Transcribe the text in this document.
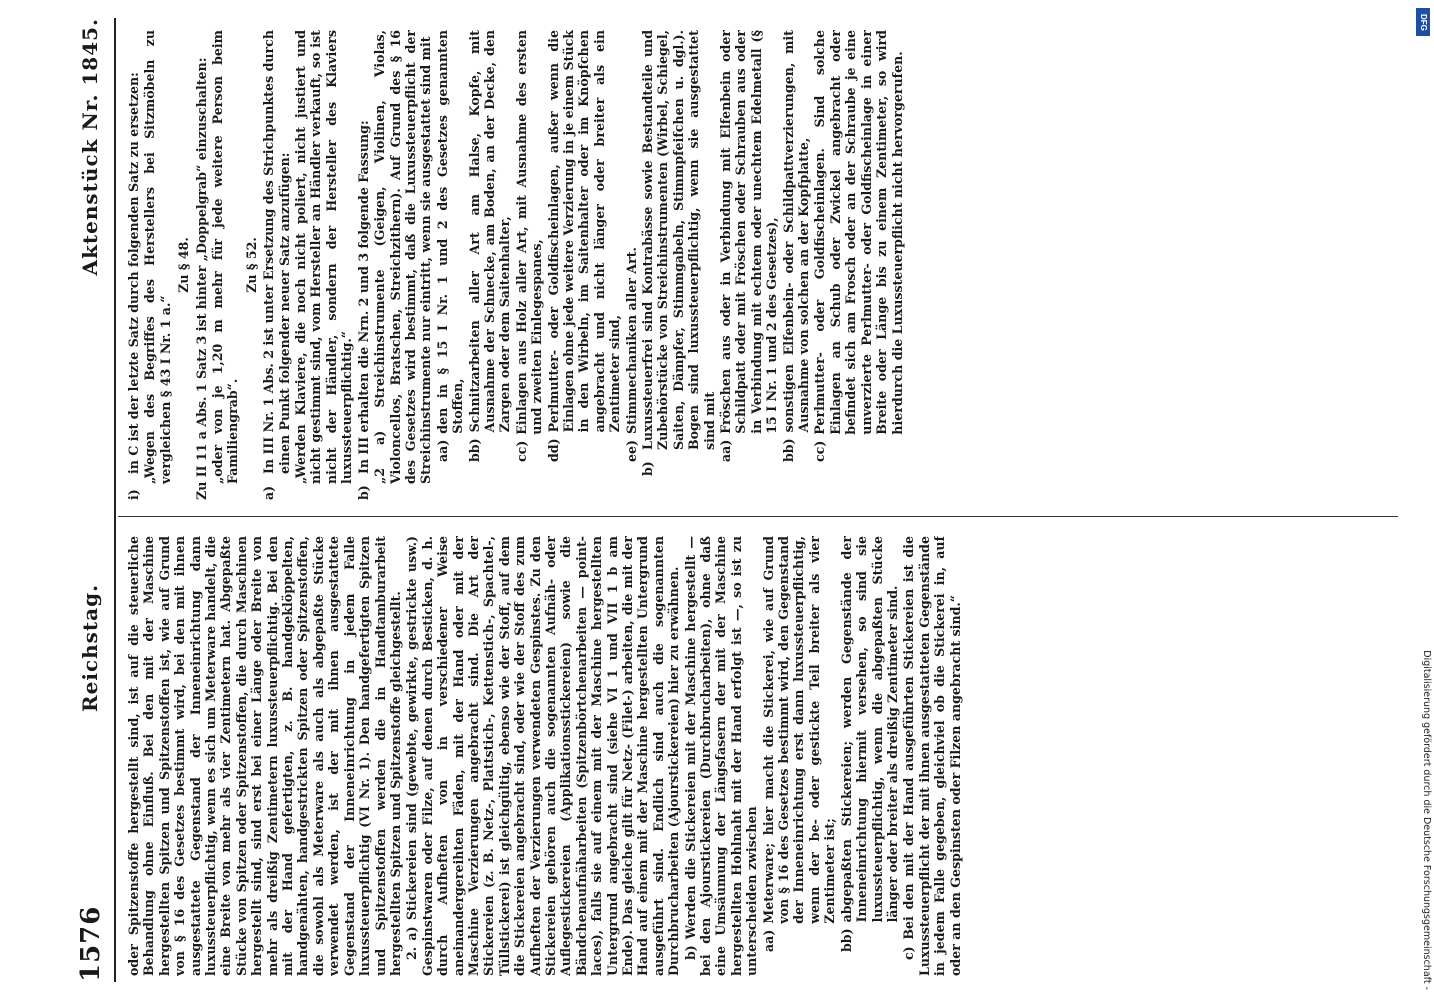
1576
Reichstag.
Aktenstück Nr. 1845.

oder Spitzenstoffe hergestellt sind, ist auf die steuerliche Behandlung ohne Einfluß. Bei den mit der Maschine hergestellten Spitzen und Spitzenstoffen ist, wie auf Grund von § 16 des Gesetzes bestimmt wird, bei den mit ihnen ausgestattete Gegenstand der Inneneinrichtung dann luxussteuerpflichtig, wenn es sich um Meterware handelt, die eine Breite von mehr als vier Zentimetern hat. Abgepaßte Stücke von Spitzen oder Spitzenstoffen, die durch Maschinen hergestellt sind, sind erst bei einer Länge oder Breite von mehr als dreißig Zentimetern luxussteuerpflichtig. Bei den mit der Hand gefertigten, z. B. handgeklöppelten, handgenähten, handgestrickten Spitzen oder Spitzenstoffen, die sowohl als Meterware als auch als abgepaßte Stücke verwendet werden, ist der mit ihnen ausgestattete Gegenstand der Inneneinrichtung in jedem Falle luxussteuerpflichtig (VI Nr. 1). Den handgefertigten Spitzen und Spitzenstoffen werden die in Handtamburarbeit hergestellten Spitzen und Spitzenstoffe gleichgestellt. 2. a) Stickereien sind (gewebte, gewirkte, gestrickte usw.) Gespinstwaren oder Filze, auf denen durch Besticken, d. h. durch Aufheften von in verschiedener Weise aneinandergereihten Fäden, mit der Hand oder mit der Maschine Verzierungen angebracht sind. Die Art der Stickereien (z. B. Netz-, Plattstich-, Kettenstich-, Spachtel-, Tüllstickerei) ist gleichgültig, ebenso wie der Stoff, auf dem die Stickereien angebracht sind, oder wie der Stoff des zum Aufheften der Verzierungen verwendeten Gespinstes. Zu den Stickereien gehören auch die sogenannten Aufnäh- oder Auflegestickereien (Applikationsstickereien) sowie die Bändchenaufnäharbeiten (Spitzenbörtchenarbeiten — point-laces), falls sie auf einem mit der Maschine hergestellten Untergrund angebracht sind (siehe VI 1 und VII 1 b am Ende). Das gleiche gilt für Netz- (Filet-) arbeiten, die mit der Hand auf einem mit der Maschine hergestellten Untergrund ausgeführt sind. Endlich sind auch die sogenannten Durchbrucharbeiten (Ajourstickereien) hier zu erwähnen. b) Werden die Stickereien mit der Maschine hergestellt — bei den Ajourstickereien (Durchbrucharbeiten), ohne daß eine Umsäumung der Längsfasern der mit der Maschine hergestellten Hohlnaht mit der Hand erfolgt ist —, so ist zu unterscheiden zwischen aa)
Meterware; hier macht die Stickerei, wie auf Grund von § 16 des Gesetzes bestimmt wird, den Gegenstand der Inneneinrichtung erst dann luxussteuerpflichtig, wenn der be- oder gestickte Teil breiter als vier Zentimeter ist;
bb)
abgepaßten Stickereien; werden Gegenstände der Inneneinrichtung hiermit versehen, so sind sie luxussteuerpflichtig, wenn die abgepaßten Stücke länger oder breiter als dreißig Zentimeter sind. c) Bei den mit der Hand ausgeführten Stickereien ist die Luxussteuerpflicht der mit ihnen ausgestatteten Gegenstände in jedem Falle gegeben, gleichviel ob die Stickerei in, auf oder an den Gespinsten oder Filzen angebracht sind.“

i)
in C ist der letzte Satz durch folgenden Satz zu ersetzen: „Wegen des Begriffes des Herstellers bei Sitzmöbeln zu vergleichen § 43 I Nr. 1 a.“

Zu § 48. Zu II 11 a Abs. 1 Satz 3 ist hinter „Doppelgrab“ einzuschalten: „oder von je 1,20 m mehr für jede weitere Person beim Familiengrab“.

Zu § 52.
a)
In III Nr. 1 Abs. 2 ist unter Ersetzung des Strichpunktes durch einen Punkt folgender neuer Satz anzufügen: „Werden Klaviere, die noch nicht poliert, nicht justiert und nicht gestimmt sind, vom Hersteller an Händler verkauft, so ist nicht der Händler, sondern der Hersteller des Klaviers luxussteuerpflichtig.“

b)
In III erhalten die Nrn. 2 und 3 folgende Fassung: „2 a) Streichinstrumente (Geigen, Violinen, Violas, Violoncellos, Bratschen, Streichzithern). Auf Grund des § 16 des Gesetzes wird bestimmt, daß die Luxussteuerpflicht der Streichinstrumente nur eintritt, wenn sie ausgestattet sind mit aa)
den in § 15 I Nr. 1 und 2 des Gesetzes genannten Stoffen,
bb)
Schnitzarbeiten aller Art am Halse, Kopfe, mit Ausnahme der Schnecke, am Boden, an der Decke, den Zargen oder dem Saitenhalter,
cc)
Einlagen aus Holz aller Art, mit Ausnahme des ersten und zweiten Einlegespanes,
dd)
Perlmutter- oder Goldfischeinlagen, außer wenn die Einlagen ohne jede weitere Verzierung in je einem Stück in den Wirbeln, im Saitenhalter oder im Knöpfchen angebracht und nicht länger oder breiter als ein Zentimeter sind,
ee)
Stimmechaniken aller Art.
b)
Luxussteuerfrei sind Kontrabässe sowie Bestandteile und Zubehörstücke von Streichinstrumenten (Wirbel, Schiegel, Saiten, Dämpfer, Stimmgabeln, Stimmpfeifchen u. dgl.). Bogen sind luxussteuerpflichtig, wenn sie ausgestattet sind mit
aa)
Fröschen aus oder in Verbindung mit Elfenbein oder Schildpatt oder mit Fröschen oder Schrauben aus oder in Verbindung mit echtem oder unechtem Edelmetall (§ 15 I Nr. 1 und 2 des Gesetzes),
bb)
sonstigen Elfenbein- oder Schildpattverzierungen, mit Ausnahme von solchen an der Kopfplatte,
cc)
Perlmutter- oder Goldfischeinlagen. Sind solche Einlagen an Schub oder Zwickel angebracht oder befindet sich am Frosch oder an der Schraube je eine unverzierte Perlmutter- oder Goldfischeinlage in einer Breite oder Länge bis zu einem Zentimeter, so wird hierdurch die Luxussteuerpflicht nicht hervorgerufen.
DFG
Digitalisierung gefördert durch die Deutsche Forschungsgemeinschaft -
